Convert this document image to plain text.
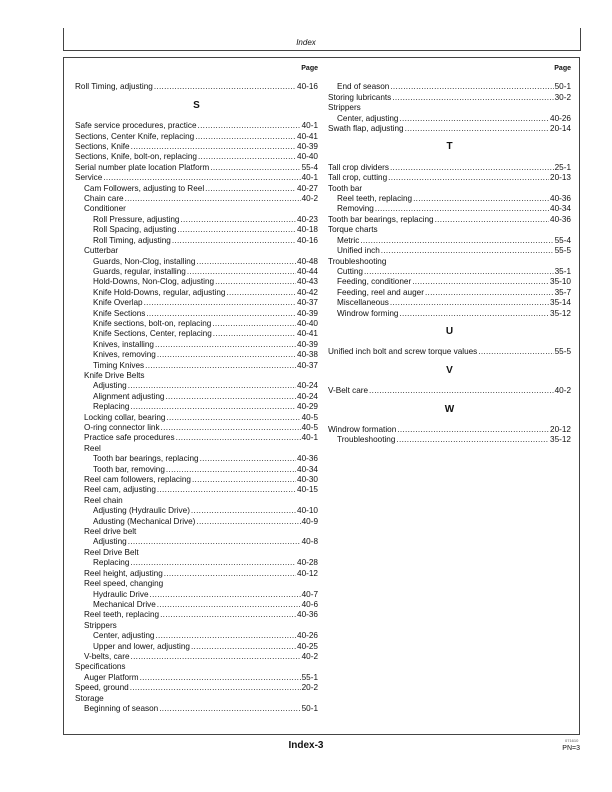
Index
Page
Roll Timing, adjusting .....	40-16
S
Safe service procedures, practice .....	40-1
Sections, Center Knife, replacing .....	40-41
Sections, Knife .....	40-39
Sections, Knife, bolt-on, replacing .....	40-40
Serial number plate location Platform .....	55-4
Service .....	40-1
Cam Followers, adjusting to Reel .....	40-27
Chain care .....	40-2
Conditioner
Roll Pressure, adjusting .....	40-23
Roll Spacing, adjusting .....	40-18
Roll Timing, adjusting .....	40-16
Cutterbar
Guards, Non-Clog, installing .....	40-48
Guards, regular, installing .....	40-44
Hold-Downs, Non-Clog, adjusting .....	40-43
Knife Hold-Downs, regular, adjusting .....	40-42
Knife Overlap .....	40-37
Knife Sections .....	40-39
Knife sections, bolt-on, replacing .....	40-40
Knife Sections, Center, replacing .....	40-41
Knives, installing .....	40-39
Knives, removing .....	40-38
Timing Knives .....	40-37
Knife Drive Belts
Adjusting .....	40-24
Alignment adjusting .....	40-24
Replacing .....	40-29
Locking collar, bearing .....	40-5
O-ring connector link .....	40-5
Practice safe procedures .....	40-1
Reel
Tooth bar bearings, replacing .....	40-36
Tooth bar, removing .....	40-34
Reel cam followers, replacing .....	40-30
Reel cam, adjusting .....	40-15
Reel chain
Adjusting (Hydraulic Drive) .....	40-10
Adusting (Mechanical Drive) .....	40-9
Reel drive belt
Adjusting .....	40-8
Reel Drive Belt
Replacing .....	40-28
Reel height, adjusting .....	40-12
Reel speed, changing
Hydraulic Drive .....	40-7
Mechanical Drive .....	40-6
Reel teeth, replacing .....	40-36
Strippers
Center, adjusting .....	40-26
Upper and lower, adjusting .....	40-25
V-belts, care .....	40-2
Specifications
Auger Platform .....	55-1
Speed, ground .....	20-2
Storage
Beginning of season .....	50-1
Page
End of season .....	50-1
Storing lubricants .....	30-2
Strippers
Center, adjusting .....	40-26
Swath flap, adjusting .....	20-14
T
Tall crop dividers .....	25-1
Tall crop, cutting .....	20-13
Tooth bar
Reel teeth, replacing .....	40-36
Removing .....	40-34
Tooth bar bearings, replacing .....	40-36
Torque charts
Metric .....	55-4
Unified inch .....	55-5
Troubleshooting
Cutting .....	35-1
Feeding, conditioner .....	35-10
Feeding, reel and auger .....	35-7
Miscellaneous .....	35-14
Windrow forming .....	35-12
U
Unified inch bolt and screw torque values .....	55-5
V
V-Belt care .....	40-2
W
Windrow formation .....	20-12
Troubleshooting .....	35-12
Index-3	071610
PN=3
